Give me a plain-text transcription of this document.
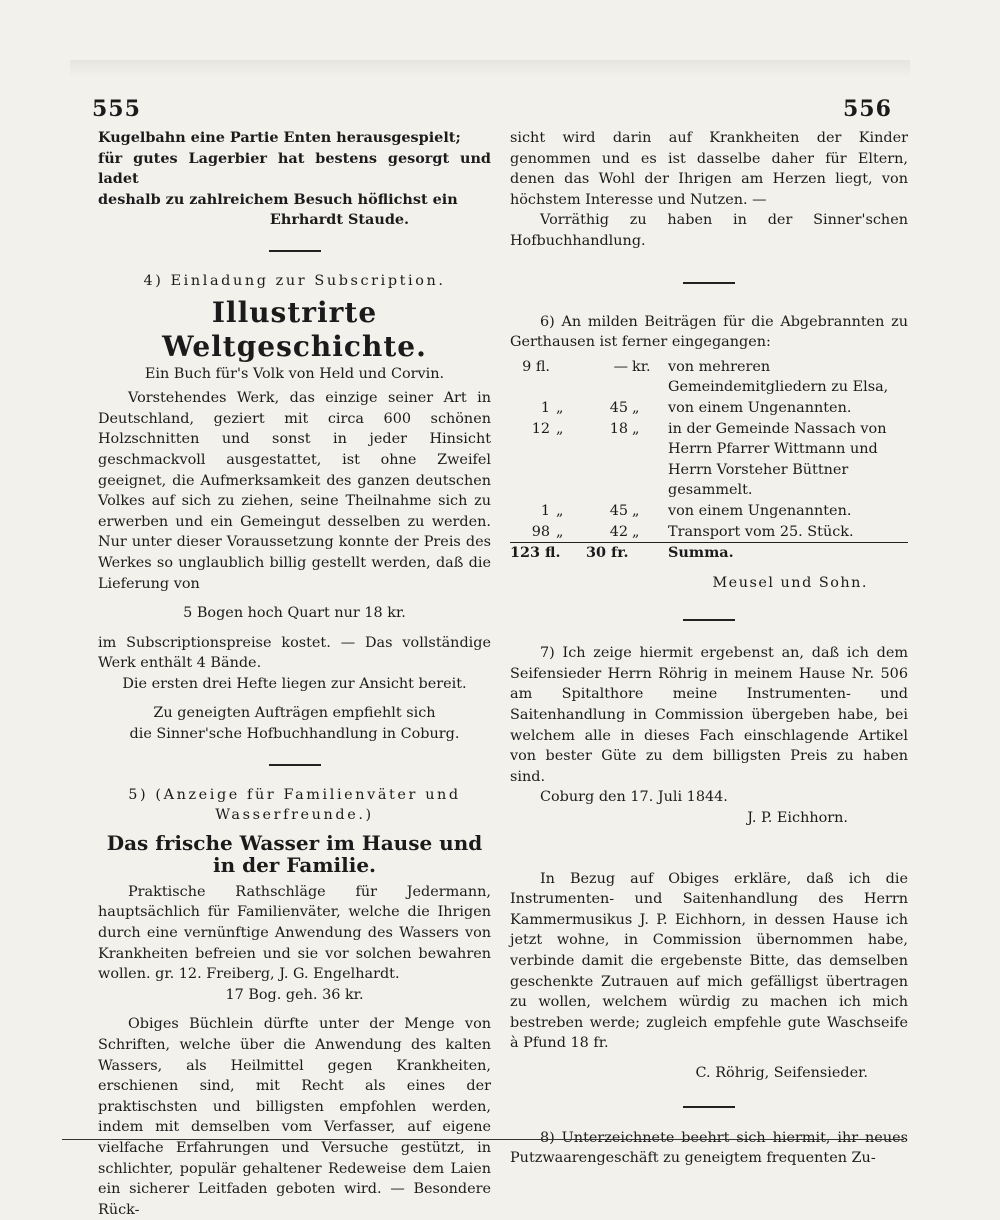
555	556

Kugelbahn eine Partie Enten herausgespielt;

für gutes Lagerbier hat bestens gesorgt und ladet

deshalb zu zahlreichem Besuch höflichst ein

Ehrhardt Staude.

4) Einladung zur Subscription.

Illustrirte Weltgeschichte.

Ein Buch für's Volk von Held und Corvin.

Vorstehendes Werk, das einzige seiner Art in Deutschland, geziert mit circa 600 schönen Holzschnitten und sonst in jeder Hinsicht geschmackvoll ausgestattet, ist ohne Zweifel geeignet, die Aufmerksamkeit des ganzen deutschen Volkes auf sich zu ziehen, seine Theilnahme sich zu erwerben und ein Gemeingut desselben zu werden. Nur unter dieser Voraussetzung konnte der Preis des Werkes so unglaublich billig gestellt werden, daß die Lieferung von

5 Bogen hoch Quart nur 18 kr.

im Subscriptionspreise kostet. — Das vollständige Werk enthält 4 Bände.

Die ersten drei Hefte liegen zur Ansicht bereit.

Zu geneigten Aufträgen empfiehlt sich

die Sinner'sche Hofbuchhandlung in Coburg.

5) (Anzeige für Familienväter und Wasserfreunde.)

Das frische Wasser im Hause und
in der Familie.

Praktische Rathschläge für Jedermann, hauptsächlich für Familienväter, welche die Ihrigen durch eine vernünftige Anwendung des Wassers von Krankheiten befreien und sie vor solchen bewahren wollen. gr. 12. Freiberg, J. G. Engelhardt.

17 Bog. geh. 36 kr.

Obiges Büchlein dürfte unter der Menge von Schriften, welche über die Anwendung des kalten Wassers, als Heilmittel gegen Krankheiten, erschienen sind, mit Recht als eines der praktischsten und billigsten empfohlen werden, indem mit demselben vom Verfasser, auf eigene vielfache Erfahrungen und Versuche gestützt, in schlichter, populär gehaltener Redeweise dem Laien ein sicherer Leitfaden geboten wird. — Besondere Rück-

sicht wird darin auf Krankheiten der Kinder genommen und es ist dasselbe daher für Eltern, denen das Wohl der Ihrigen am Herzen liegt, von höchstem Interesse und Nutzen. —

Vorräthig zu haben in der Sinner'schen Hofbuchhandlung.

6) An milden Beiträgen für die Abgebrannten zu Gerthausen ist ferner eingegangen:

9 fl.		—	kr.	von mehreren Gemeindemitgliedern zu Elsa,
1	„	45	„	von einem Ungenannten.
12	„	18	„	in der Gemeinde Nassach von Herrn Pfarrer Wittmann und Herrn Vorsteher Büttner gesammelt.
1	„	45	„	von einem Ungenannten.
98	„	42	„	Transport vom 25. Stück.
123 fl.		30 fr.		Summa.

Meusel und Sohn.

7) Ich zeige hiermit ergebenst an, daß ich dem Seifensieder Herrn Röhrig in meinem Hause Nr. 506 am Spitalthore meine Instrumenten- und Saitenhandlung in Commission übergeben habe, bei welchem alle in dieses Fach einschlagende Artikel von bester Güte zu dem billigsten Preis zu haben sind.

Coburg den 17. Juli 1844.

J. P. Eichhorn.

In Bezug auf Obiges erkläre, daß ich die Instrumenten- und Saitenhandlung des Herrn Kammermusikus J. P. Eichhorn, in dessen Hause ich jetzt wohne, in Commission übernommen habe, verbinde damit die ergebenste Bitte, das demselben geschenkte Zutrauen auf mich gefälligst übertragen zu wollen, welchem würdig zu machen ich mich bestreben werde; zugleich empfehle gute Waschseife à Pfund 18 fr.

C. Röhrig, Seifensieder.

8) Unterzeichnete beehrt sich hiermit, ihr neues Putzwaarengeschäft zu geneigtem frequenten Zu-
